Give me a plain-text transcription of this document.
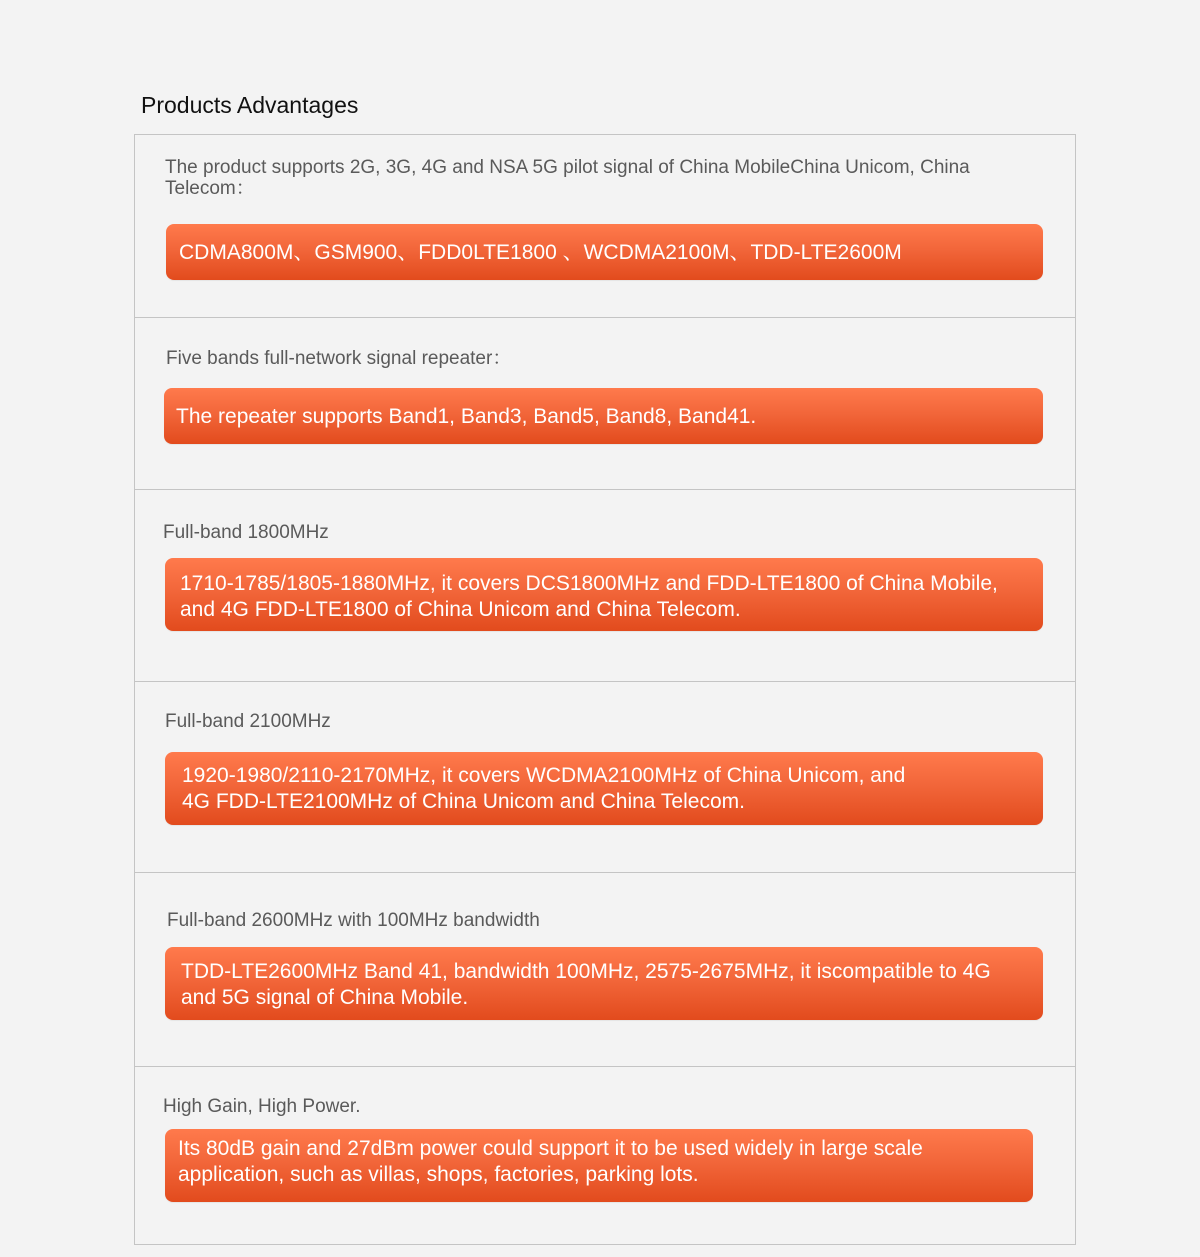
Products Advantages
The product supports 2G, 3G, 4G and NSA 5G pilot signal of China MobileChina Unicom, China
Telecom：
CDMA800M、GSM900、FDD0LTE1800 、WCDMA2100M、TDD-LTE2600M
Five bands full-network signal repeater：
The repeater supports Band1, Band3, Band5, Band8, Band41.
Full-band 1800MHz
1710-1785/1805-1880MHz, it covers DCS1800MHz and FDD-LTE1800 of China Mobile,
and 4G FDD-LTE1800 of China Unicom and China Telecom.
Full-band 2100MHz
1920-1980/2110-2170MHz, it covers WCDMA2100MHz of China Unicom, and
4G FDD-LTE2100MHz of China Unicom and China Telecom.
Full-band 2600MHz with 100MHz bandwidth
TDD-LTE2600MHz Band 41, bandwidth 100MHz, 2575-2675MHz, it iscompatible to 4G
and 5G signal of China Mobile.
High Gain, High Power.
Its 80dB gain and 27dBm power could support it to be used widely in large scale
application, such as villas, shops, factories, parking lots.
